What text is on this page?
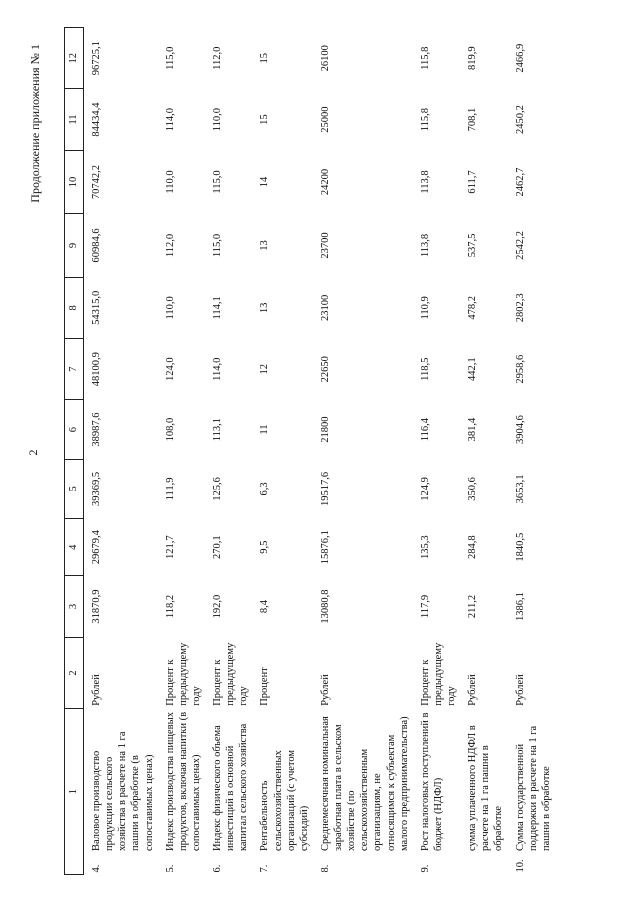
2
Продолжение приложения № 1
1		2	3	4	5	6	7	8	9	10	11	12
4.	Валовое производство продукции сельского хозяйства в расчете на 1 га пашни в обработке (в сопоставимых ценах)	Рублей	31870,9	29679,4	39369,5	38987,6	48100,9	54315,0	60984,6	70742,2	84434,4	96725,1
5.	Индекс производства пищевых продуктов, включая напитки (в сопоставимых ценах)	Процент к предыдущему году	118,2	121,7	111,9	108,0	124,0	110,0	112,0	110,0	114,0	115,0
6.	Индекс физического объема инвестиций в основной капитал сельского хозяйства	Процент к предыдущему году	192,0	270,1	125,6	113,1	114,0	114,1	115,0	115,0	110,0	112,0
7.	Рентабельность сельскохозяйственных организаций (с учетом субсидий)	Процент	8,4	9,5	6,3	11	12	13	13	14	15	15
8.	Среднемесячная номинальная заработная плата в сельском хозяйстве (по сельскохозяйственным организациям, не относящимся к субъектам малого предпринимательства)	Рублей	13080,8	15876,1	19517,6	21800	22650	23100	23700	24200	25000	26100
9.	Рост налоговых поступлений в бюджет (НДФЛ)	Процент к предыдущему году	117,9	135,3	124,9	116,4	118,5	110,9	113,8	113,8	115,8	115,8
	сумма уплаченного НДФЛ в расчете на 1 га пашни в обработке	Рублей	211,2	284,8	350,6	381,4	442,1	478,2	537,5	611,7	708,1	819,9
10.	Сумма государственной поддержки в расчете на 1 га пашни в обработке	Рублей	1386,1	1840,5	3653,1	3904,6	2958,6	2802,3	2542,2	2462,7	2450,2	2466,9
